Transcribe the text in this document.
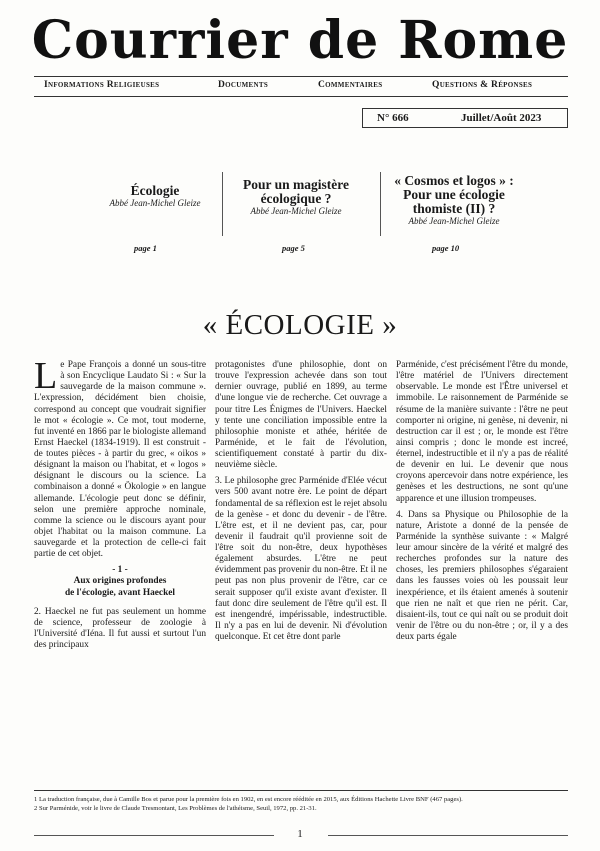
Courrier de Rome
Informations Religieuses	Documents	Commentaires	Questions & Réponses
N° 666	Juillet/Août 2023
Écologie
Abbé Jean-Michel Gleize
page 1
Pour un magistère
écologique ?
Abbé Jean-Michel Gleize
page 5
« Cosmos et logos » :
Pour une écologie
thomiste (II) ?
Abbé Jean-Michel Gleize
page 10
« ÉCOLOGIE »

Le Pape François a donné un sous-titre à son Encyclique Laudato Si : « Sur la sauvegarde de la maison commune ». L'expression, décidément bien choisie, correspond au concept que voudrait signifier le mot « écologie ». Ce mot, tout moderne, fut inventé en 1866 par le biologiste allemand Ernst Haeckel (1834-1919). Il est construit - de toutes pièces - à partir du grec, « oikos » désignant la maison ou l'habitat, et « logos » désignant le discours ou la science. La combinaison a donné « Ökologie » en langue allemande. L'écologie peut donc se définir, selon une première approche nominale, comme la science ou le discours ayant pour objet l'habitat ou la maison commune. La sauvegarde et la protection de celle-ci fait partie de cet objet.

- 1 -
Aux origines profondes
de l'écologie, avant Haeckel

2. Haeckel ne fut pas seulement un homme de science, professeur de zoologie à l'Université d'Iéna. Il fut aussi et surtout l'un des principaux

protagonistes d'une philosophie, dont on trouve l'expression achevée dans son tout dernier ouvrage, publié en 1899, au terme d'une longue vie de recherche. Cet ouvrage a pour titre Les Énigmes de l'Univers. Haeckel y tente une conciliation impossible entre la philosophie moniste et athée, héritée de Parménide, et le fait de l'évolution, scientifiquement constaté à partir du dix-neuvième siècle.

3. Le philosophe grec Parménide d'Elée vécut vers 500 avant notre ère. Le point de départ fondamental de sa réflexion est le rejet absolu de la genèse - et donc du devenir - de l'être. L'être est, et il ne devient pas, car, pour devenir il faudrait qu'il provienne soit de l'être soit du non-être, deux hypothèses également absurdes. L'être ne peut évidemment pas provenir du non-être. Et il ne peut pas non plus provenir de l'être, car ce serait supposer qu'il existe avant d'exister. Il faut donc dire seulement de l'être qu'il est. Il est inengendré, impérissable, indestructible. Il n'y a pas en lui de devenir. Ni d'évolution quelconque. Et cet être dont parle

Parménide, c'est précisément l'être du monde, l'être matériel de l'Univers directement observable. Le monde est l'Être universel et immobile. Le raisonnement de Parménide se résume de la manière suivante : l'être ne peut comporter ni origine, ni genèse, ni devenir, ni destruction car il est ; or, le monde est l'être ainsi compris ; donc le monde est increé, éternel, indestructible et il n'y a pas de réalité de devenir en lui. Le devenir que nous croyons apercevoir dans notre expérience, les genèses et les destructions, ne sont qu'une apparence et une illusion trompeuses.

4. Dans sa Physique ou Philosophie de la nature, Aristote a donné de la pensée de Parménide la synthèse suivante : « Malgré leur amour sincère de la vérité et malgré des recherches profondes sur la nature des choses, les premiers philosophes s'égaraient dans les fausses voies où les poussait leur inexpérience, et ils étaient amenés à soutenir que rien ne naît et que rien ne périt. Car, disaient-ils, tout ce qui naît ou se produit doit venir de l'être ou du non-être ; or, il y a des deux parts égale

1 La traduction française, due à Camille Bos et parue pour la première fois en 1902, en est encore rééditée en 2015, aux Éditions Hachette Livre BNF (467 pages).
2 Sur Parménide, voir le livre de Claude Tresmontant, Les Problèmes de l'athéisme, Seuil, 1972, pp. 21-31.
1
